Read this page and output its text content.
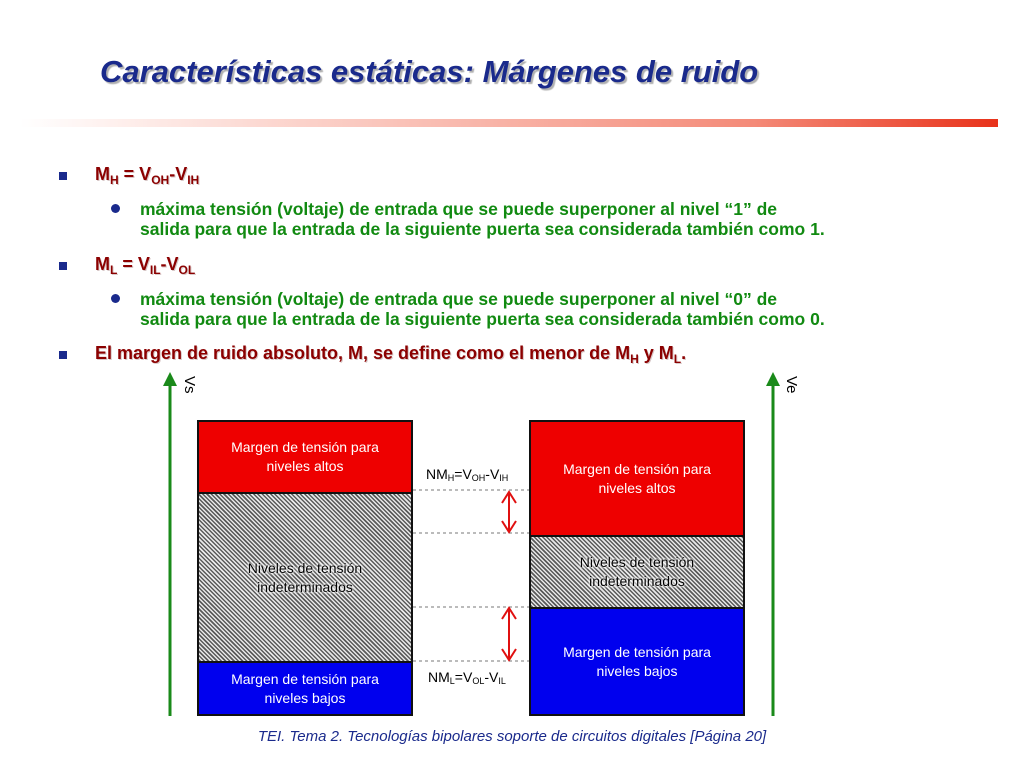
Características estáticas: Márgenes de ruido
$M_H = V_{OH}-V_{IH}$
máxima tensión (voltaje) de entrada que se puede superponer al nivel “1” de
salida para que la entrada de la siguiente puerta sea considerada también como 1.
$M_L = V_{IL}-V_{OL}$
máxima tensión (voltaje) de entrada que se puede superponer al nivel “0” de
salida para que la entrada de la siguiente puerta sea considerada también como 0.
El margen de ruido absoluto, M, se define como el menor de $M_H$ y $M_L$.
Vs	Ve
Margen de tensión para
niveles altos
Niveles de tensión
indeterminados
Margen de tensión para
niveles bajos
Margen de tensión para
niveles altos
Niveles de tensión
indeterminados
Margen de tensión para
niveles bajos
$NM_H=V_{OH}-V_{IH}$
$NM_L=V_{OL}-V_{IL}$
TEI. Tema 2. Tecnologías bipolares soporte de circuitos digitales [Página 20]
